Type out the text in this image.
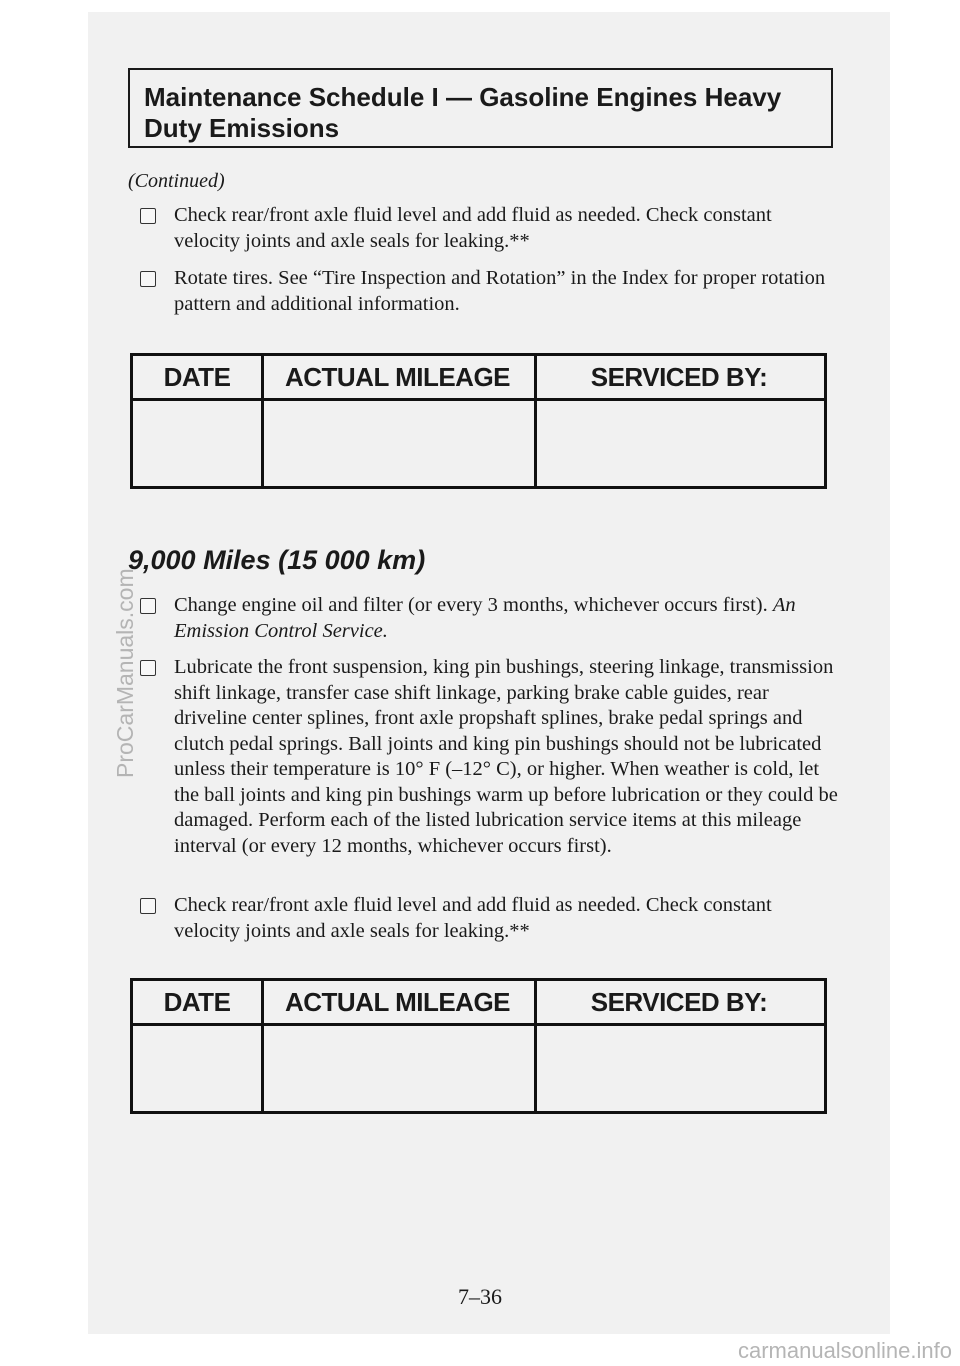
Maintenance Schedule I — Gasoline Engines Heavy Duty Emissions
(Continued)
Check rear/front axle fluid level and add fluid as needed. Check constant velocity joints and axle seals for leaking.**
Rotate tires. See “Tire Inspection and Rotation” in the Index for proper rotation pattern and additional information.
DATE	ACTUAL MILEAGE	SERVICED BY:
9,000 Miles (15 000 km)
Change engine oil and filter (or every 3 months, whichever occurs first). An Emission Control Service.
Lubricate the front suspension, king pin bushings, steering linkage, transmission shift linkage, transfer case shift linkage, parking brake cable guides, rear driveline center splines, front axle propshaft splines, brake pedal springs and clutch pedal springs. Ball joints and king pin bushings should not be lubricated unless their temperature is 10° F (–12° C), or higher. When weather is cold, let the ball joints and king pin bushings warm up before lubrication or they could be damaged. Perform each of the listed lubrication service items at this mileage interval (or every 12 months, whichever occurs first).
Check rear/front axle fluid level and add fluid as needed. Check constant velocity joints and axle seals for leaking.**
DATE	ACTUAL MILEAGE	SERVICED BY:
7–36
ProCarManuals.com
carmanualsonline.info
